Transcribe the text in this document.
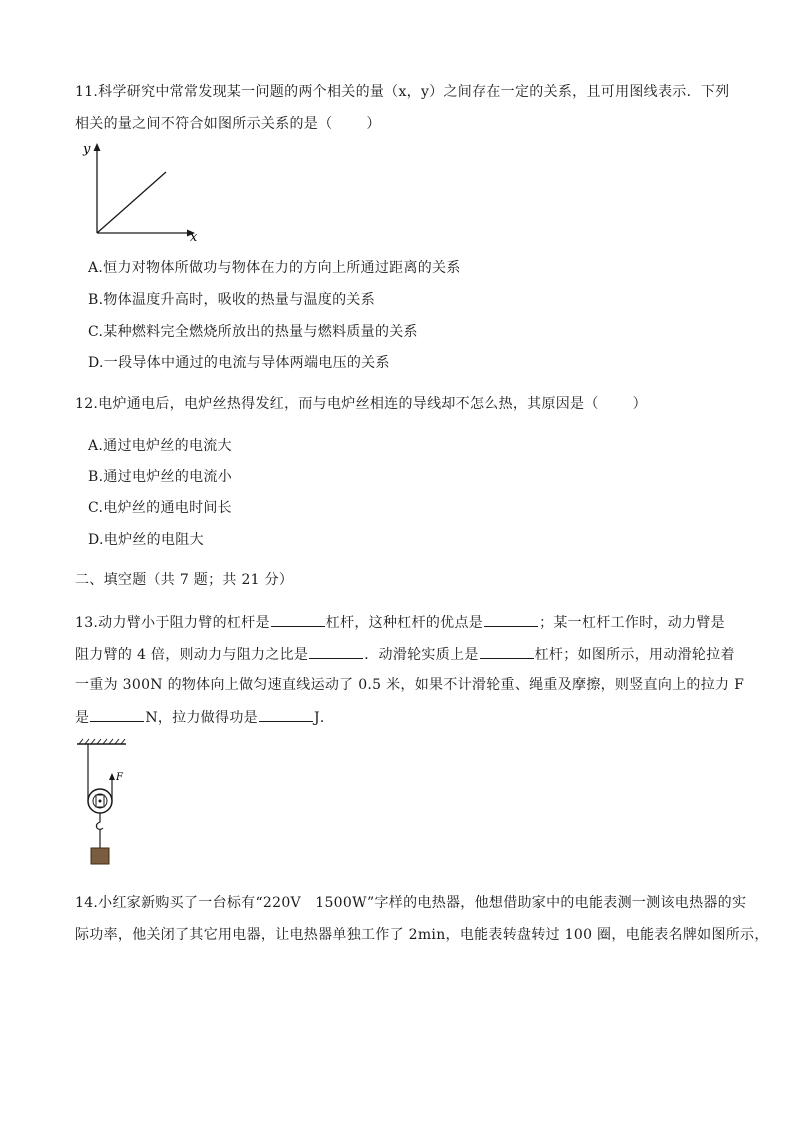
11.科学研究中常常发现某一问题的两个相关的量（x，y）之间存在一定的关系，且可用图线表示．下列
相关的量之间不符合如图所示关系的是（ ）
y
x
A.恒力对物体所做功与物体在力的方向上所通过距离的关系
B.物体温度升高时，吸收的热量与温度的关系
C.某种燃料完全燃烧所放出的热量与燃料质量的关系
D.一段导体中通过的电流与导体两端电压的关系
12.电炉通电后，电炉丝热得发红，而与电炉丝相连的导线却不怎么热，其原因是（ ）
A.通过电炉丝的电流大
B.通过电炉丝的电流小
C.电炉丝的通电时间长
D.电炉丝的电阻大
二、填空题（共 7 题；共 21 分）
13.动力臂小于阻力臂的杠杆是	杠杆，这种杠杆的优点是	；某一杠杆工作时，动力臂是
阻力臂的 4 倍，则动力与阻力之比是	．动滑轮实质上是	杠杆；如图所示，用动滑轮拉着
一重为 300N 的物体向上做匀速直线运动了 0.5 米，如果不计滑轮重、绳重及摩擦，则竖直向上的拉力 F
是	N，拉力做得功是	J．
F
14.小红家新购买了一台标有“220V　1500W”字样的电热器，他想借助家中的电能表测一测该电热器的实
际功率，他关闭了其它用电器，让电热器单独工作了 2min，电能表转盘转过 100 圈，电能表名牌如图所示，
